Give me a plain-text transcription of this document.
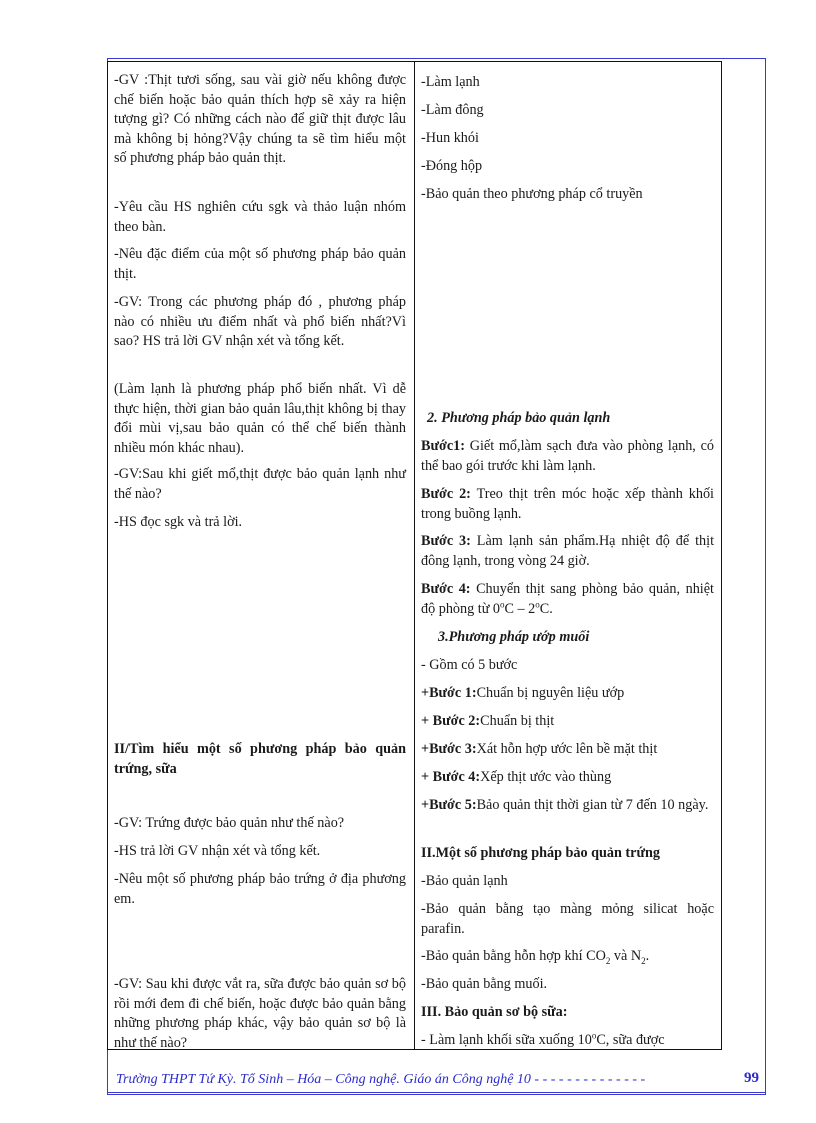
-GV :Thịt tươi sống, sau vài giờ nếu không được chế biến hoặc bảo quản thích hợp sẽ xảy ra hiện tượng gì? Có những cách nào để giữ thịt được lâu mà không bị hỏng?Vậy chúng ta sẽ tìm hiểu một số phương pháp bảo quản thịt.

-Yêu cầu HS nghiên cứu sgk và thảo luận nhóm theo bàn.

-Nêu đặc điểm của một số phương pháp bảo quản thịt.

-GV: Trong các phương pháp đó , phương pháp nào có nhiều ưu điểm nhất và phổ biến nhất?Vì sao? HS trả lời GV nhận xét và tổng kết.

(Làm lạnh là phương pháp phổ biến nhất. Vì dễ thực hiện, thời gian bảo quản lâu,thịt không bị thay đổi mùi vị,sau bảo quản có thể chế biến thành nhiều món khác nhau).

-GV:Sau khi giết mổ,thịt được bảo quản lạnh như thế nào?

-HS đọc sgk và trả lời.

II/Tìm hiểu một số phương pháp bảo quản trứng, sữa

-GV: Trứng được bảo quản như thế nào?

-HS trả lời GV nhận xét và tổng kết.

-Nêu một số phương pháp bảo trứng ở địa phương em.

-GV: Sau khi được vắt ra, sữa được bảo quản sơ bộ rồi mới đem đi chế biến, hoặc được bảo quản bằng những phương pháp khác, vậy bảo quản sơ bộ là như thế nào?

-Làm lạnh

-Làm đông

-Hun khói

-Đóng hộp

-Bảo quản theo phương pháp cổ truyền

2. Phương pháp bảo quản lạnh

Bước1: Giết mổ,làm sạch đưa vào phòng lạnh, có thể bao gói trước khi làm lạnh.

Bước 2: Treo thịt trên móc hoặc xếp thành khối trong buồng lạnh.

Bước 3: Làm lạnh sản phẩm.Hạ nhiệt độ để thịt đông lạnh, trong vòng 24 giờ.

Bước 4: Chuyển thịt sang phòng bảo quản, nhiệt độ phòng từ 0$^o$C – 2$^o$C.

3.Phương pháp ướp muối

- Gồm có 5 bước

+Bước 1:Chuẩn bị nguyên liệu ướp

+ Bước 2:Chuẩn bị thịt

+Bước 3:Xát hỗn hợp ước lên bề mặt thịt

+ Bước 4:Xếp thịt ước vào thùng

+Bước 5:Bảo quản thịt thời gian từ 7 đến 10 ngày.

II.Một số phương pháp bảo quản trứng

-Bảo quản lạnh

-Bảo quản bằng tạo màng mỏng silicat hoặc parafin.

-Bảo quản bằng hỗn hợp khí $CO_2$ và $N_2$.

-Bảo quản bằng muối.

III. Bảo quản sơ bộ sữa:

- Làm lạnh khối sữa xuống 10$^o$C, sữa được

Trường THPT Tứ Kỳ. Tổ Sinh – Hóa – Công nghệ. Giáo án Công nghệ 10 - - - - - - - - - - - - - -	99
